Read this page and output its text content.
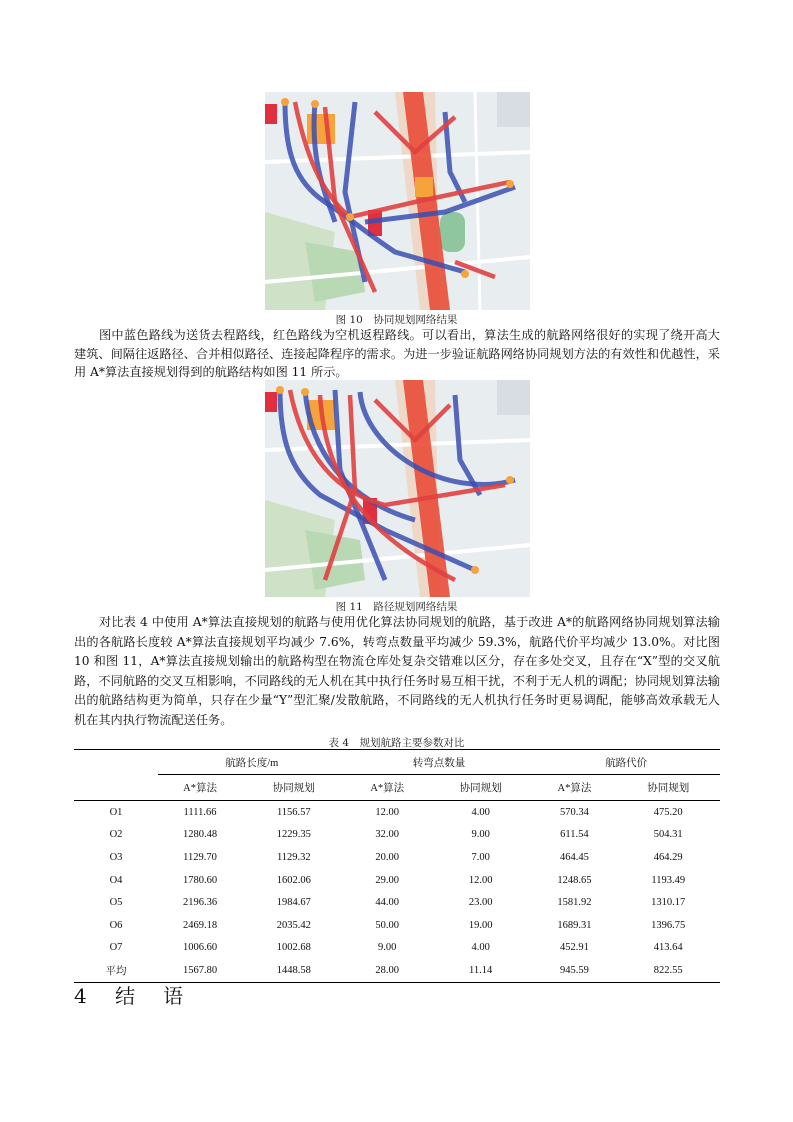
图 10　协同规划网络结果

图中蓝色路线为送货去程路线，红色路线为空机返程路线。可以看出，算法生成的航路网络很好的实现了绕开高大建筑、间隔往返路径、合并相似路径、连接起降程序的需求。为进一步验证航路网络协同规划方法的有效性和优越性，采用 A*算法直接规划得到的航路结构如图 11 所示。

图 11　路径规划网络结果

对比表 4 中使用 A*算法直接规划的航路与使用优化算法协同规划的航路，基于改进 A*的航路网络协同规划算法输出的各航路长度较 A*算法直接规划平均减少 7.6%，转弯点数量平均减少 59.3%，航路代价平均减少 13.0%。对比图 10 和图 11，A*算法直接规划输出的航路构型在物流仓库处复杂交错难以区分，存在多处交叉，且存在“X”型的交叉航路，不同航路的交叉互相影响，不同路线的无人机在其中执行任务时易互相干扰，不利于无人机的调配；协同规划算法输出的航路结构更为简单，只存在少量“Y”型汇聚/发散航路，不同路线的无人机执行任务时更易调配，能够高效承载无人机在其内执行物流配送任务。

表 4　规划航路主要参数对比
	航路长度/m		转弯点数量		航路代价	
	A*算法	协同规划	A*算法	协同规划	A*算法	协同规划
O1	1111.66	1156.57	12.00	4.00	570.34	475.20
O2	1280.48	1229.35	32.00	9.00	611.54	504.31
O3	1129.70	1129.32	20.00	7.00	464.45	464.29
O4	1780.60	1602.06	29.00	12.00	1248.65	1193.49
O5	2196.36	1984.67	44.00	23.00	1581.92	1310.17
O6	2469.18	2035.42	50.00	19.00	1689.31	1396.75
O7	1006.60	1002.68	9.00	4.00	452.91	413.64
平均	1567.80	1448.58	28.00	11.14	945.59	822.55
4 结　语
